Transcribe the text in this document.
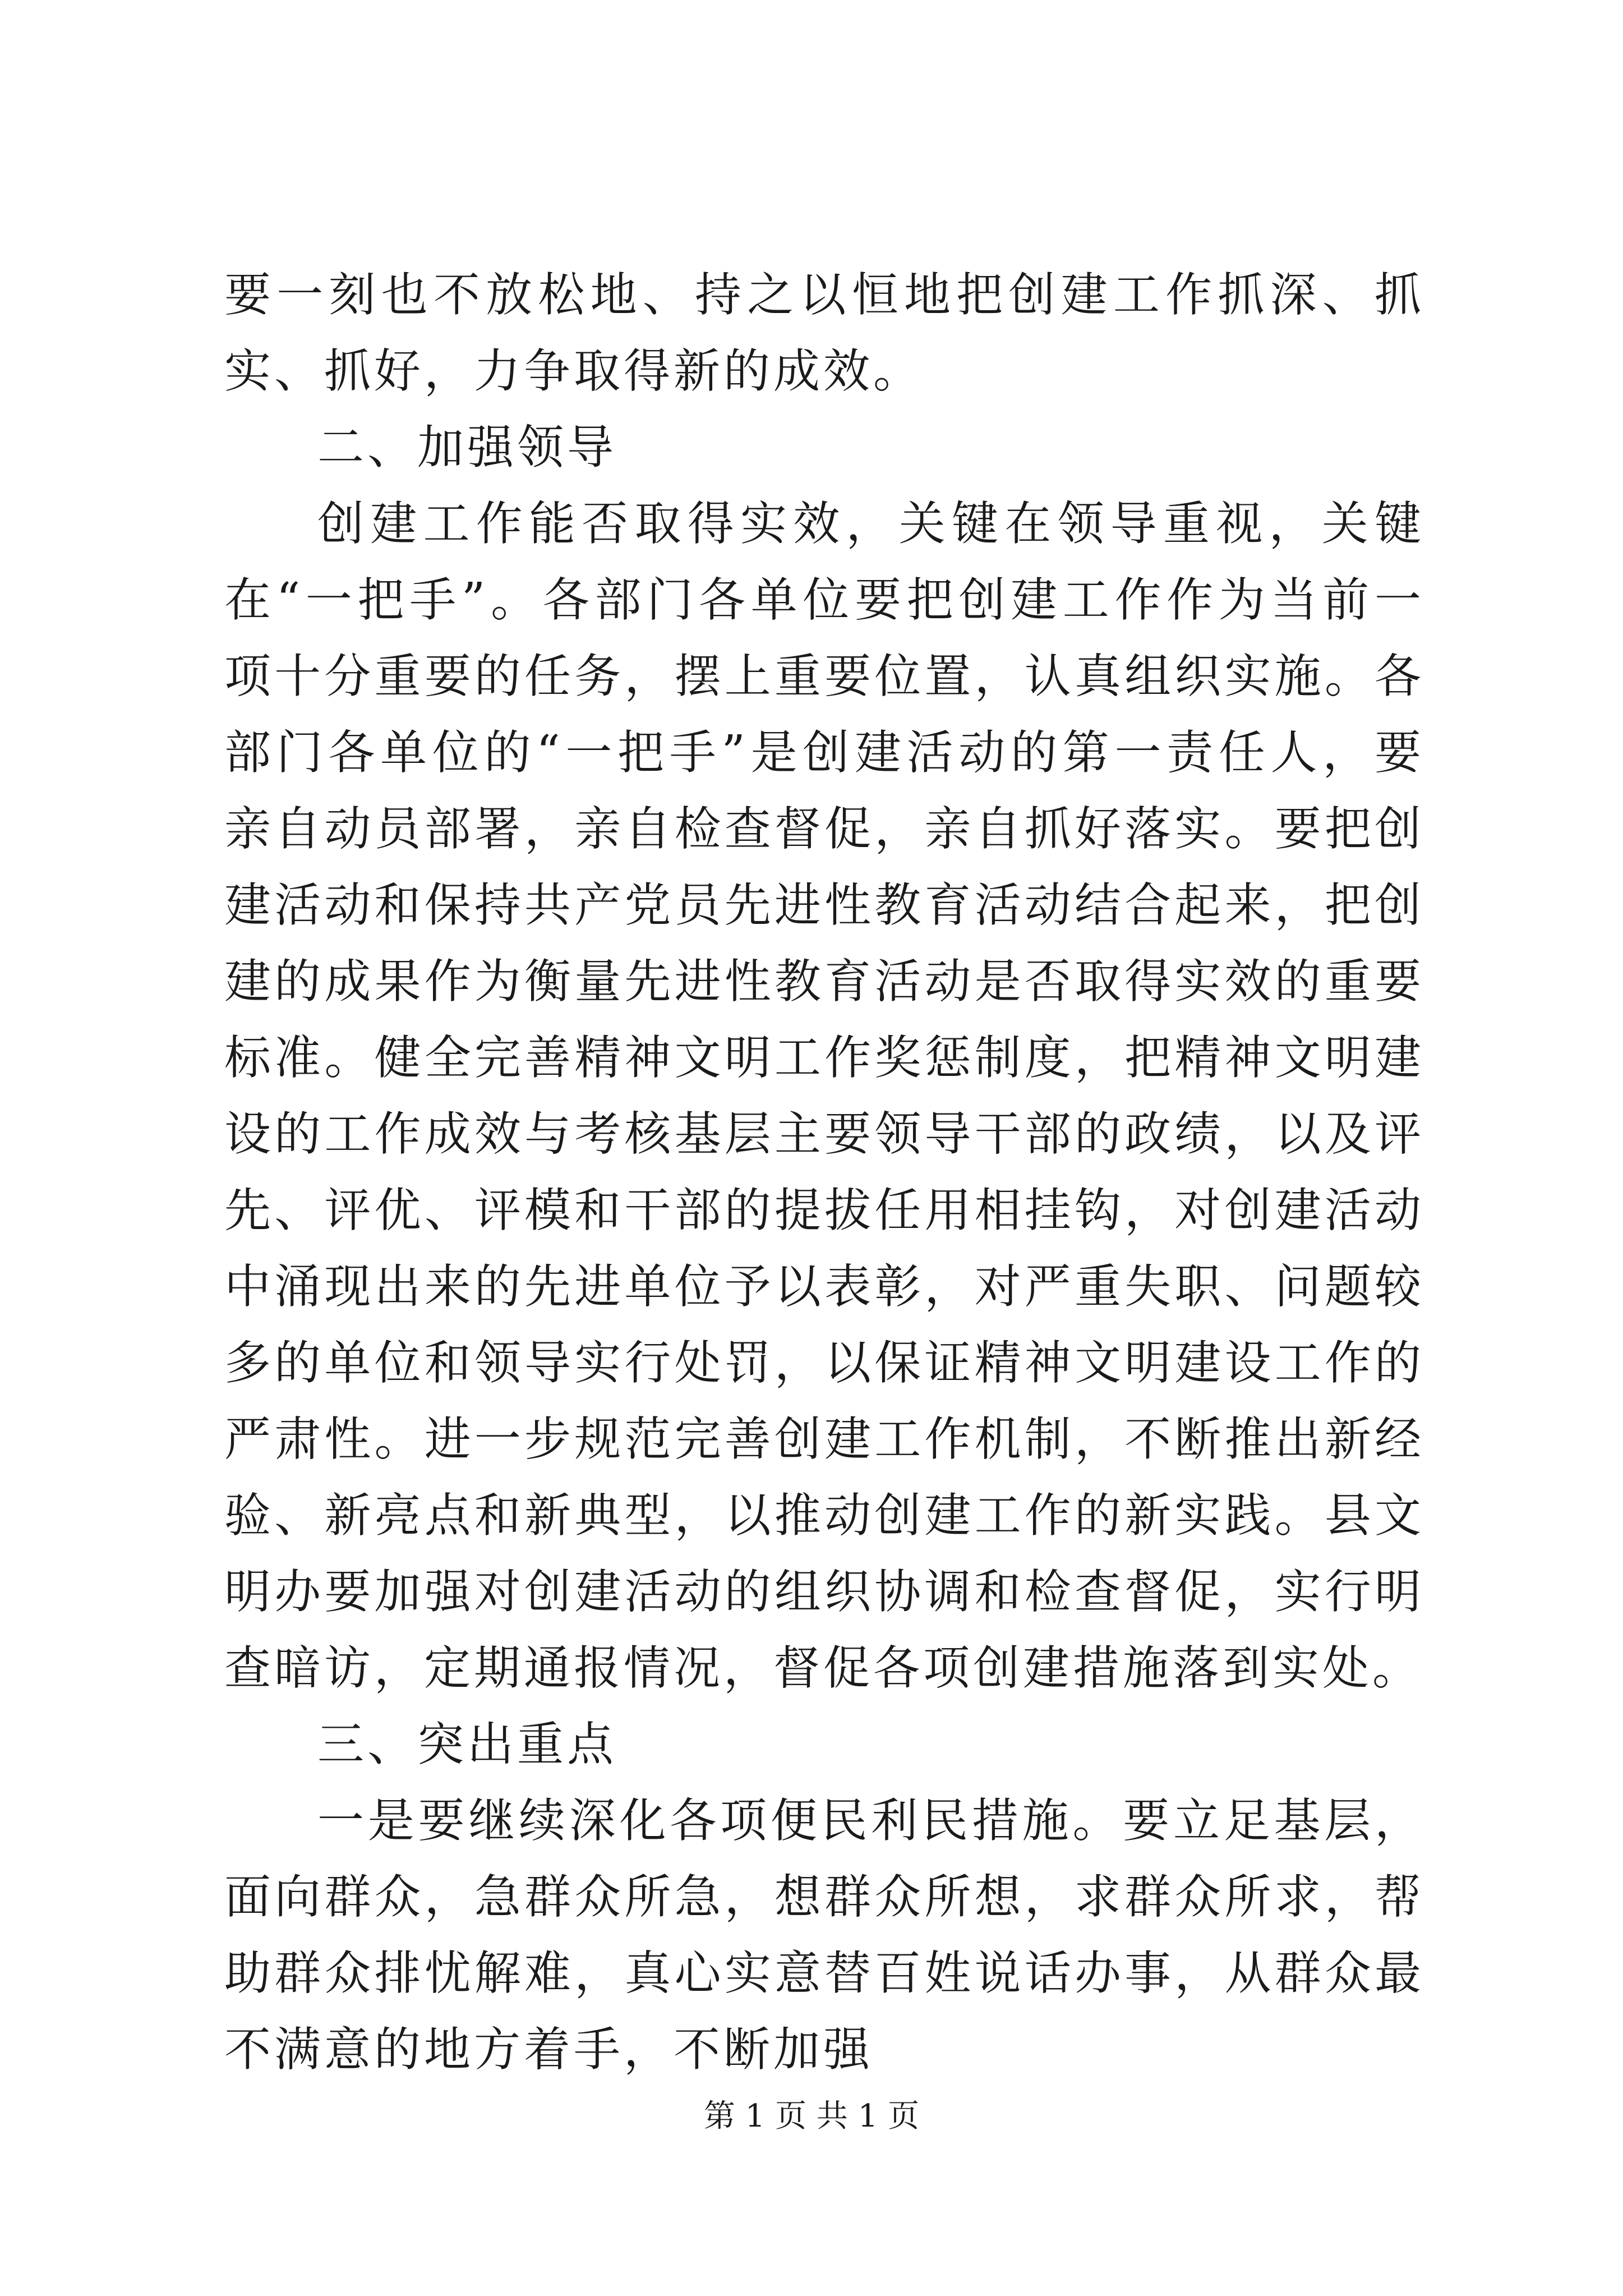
要一刻也不放松地、持之以恒地把创建工作抓深、抓实、抓好，力争取得新的成效。

二、加强领导

创建工作能否取得实效，关键在领导重视，关键在“一把手”。各部门各单位要把创建工作作为当前一项十分重要的任务，摆上重要位置，认真组织实施。各部门各单位的“一把手”是创建活动的第一责任人，要亲自动员部署，亲自检查督促，亲自抓好落实。要把创建活动和保持共产党员先进性教育活动结合起来，把创建的成果作为衡量先进性教育活动是否取得实效的重要标准。健全完善精神文明工作奖惩制度，把精神文明建设的工作成效与考核基层主要领导干部的政绩，以及评先、评优、评模和干部的提拔任用相挂钩，对创建活动中涌现出来的先进单位予以表彰，对严重失职、问题较多的单位和领导实行处罚，以保证精神文明建设工作的严肃性。进一步规范完善创建工作机制，不断推出新经验、新亮点和新典型，以推动创建工作的新实践。县文明办要加强对创建活动的组织协调和检查督促，实行明查暗访，定期通报情况，督促各项创建措施落到实处。

三、突出重点

一是要继续深化各项便民利民措施。要立足基层，面向群众，急群众所急，想群众所想，求群众所求，帮助群众排忧解难，真心实意替百姓说话办事，从群众最不满意的地方着手，不断加强

第 1 页 共 1 页
